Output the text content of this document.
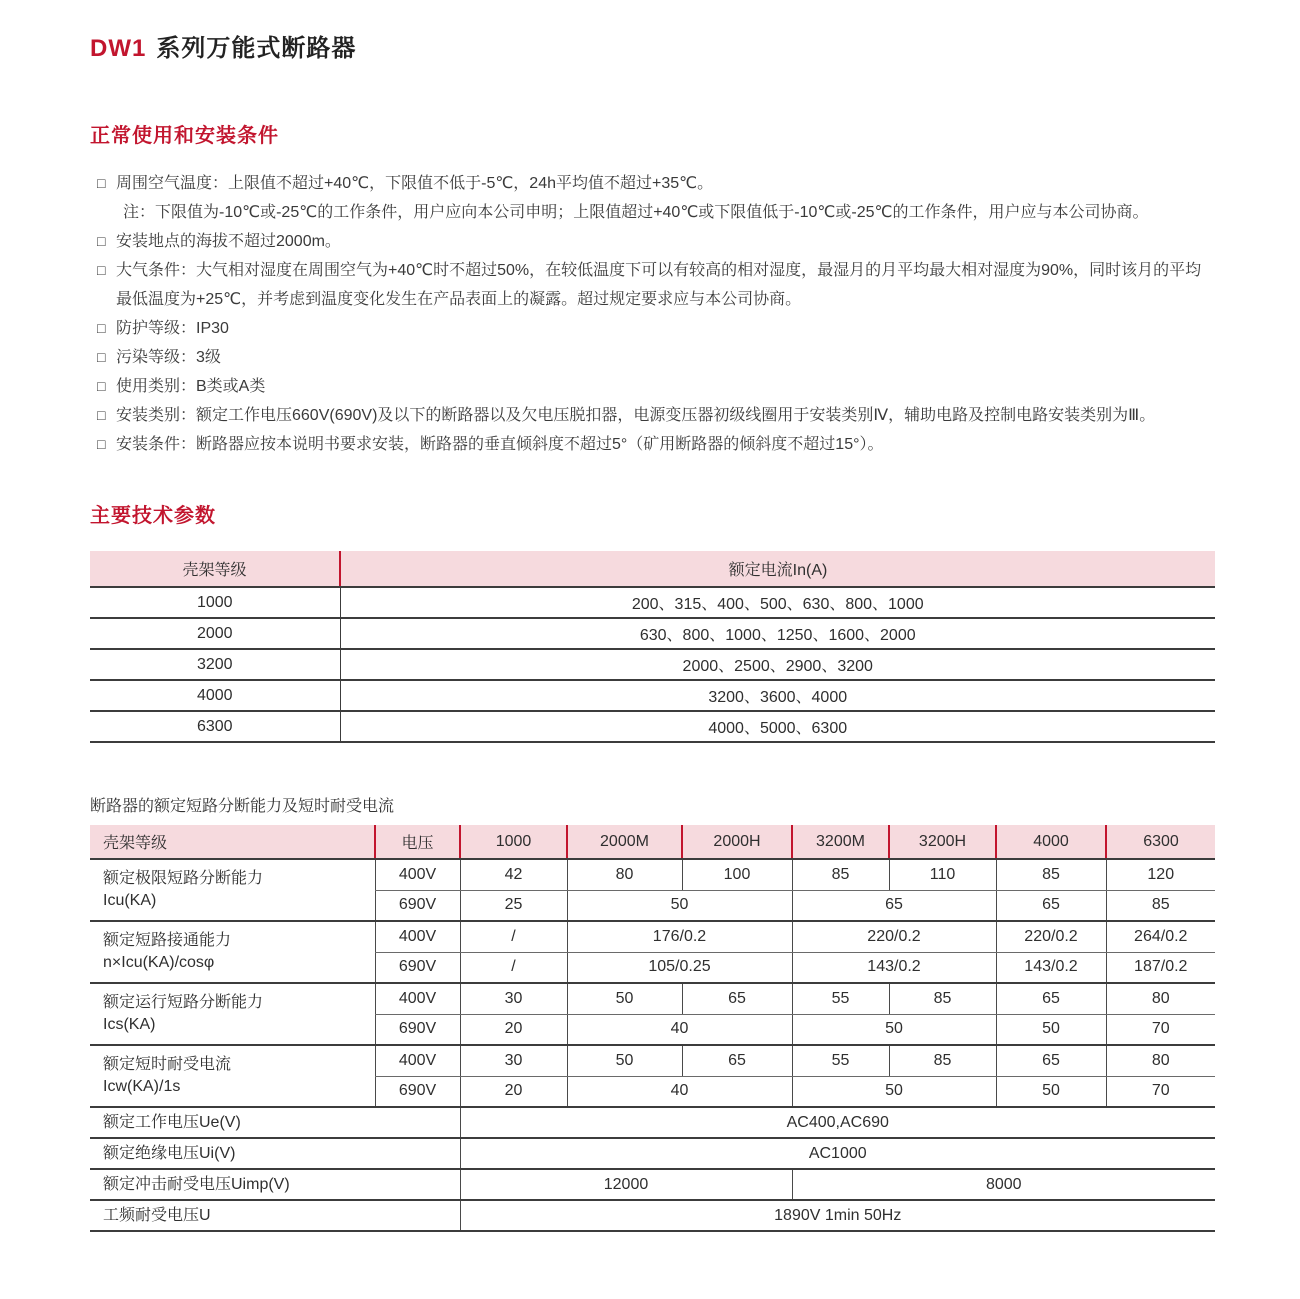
DW1 系列万能式断路器
正常使用和安装条件
□ 周围空气温度：上限值不超过+40℃，下限值不低于-5℃，24h平均值不超过+35℃。
注：下限值为-10℃或-25℃的工作条件，用户应向本公司申明；上限值超过+40℃或下限值低于-10℃或-25℃的工作条件，用户应与本公司协商。
□ 安装地点的海拔不超过2000m。
□ 大气条件：大气相对湿度在周围空气为+40℃时不超过50%，在较低温度下可以有较高的相对湿度，最湿月的月平均最大相对湿度为90%，同时该月的平均最低温度为+25℃，并考虑到温度变化发生在产品表面上的凝露。超过规定要求应与本公司协商。
□ 防护等级：IP30
□ 污染等级：3级
□ 使用类别：B类或A类
□ 安装类别：额定工作电压660V(690V)及以下的断路器以及欠电压脱扣器，电源变压器初级线圈用于安装类别Ⅳ，辅助电路及控制电路安装类别为Ⅲ。
□ 安装条件：断路器应按本说明书要求安装，断路器的垂直倾斜度不超过5°（矿用断路器的倾斜度不超过15°）。
主要技术参数
壳架等级	额定电流In(A)
1000	200、315、400、500、630、800、1000
2000	630、800、1000、1250、1600、2000
3200	2000、2500、2900、3200
4000	3200、3600、4000
6300	4000、5000、6300
断路器的额定短路分断能力及短时耐受电流
壳架等级	电压	1000	2000M	2000H	3200M	3200H	4000	6300
额定极限短路分断能力
Icu(KA)	400V	42	80	100	85	110	85	120
	690V	25	50		65		65	85
额定短路接通能力
n×Icu(KA)/cosφ	400V	/	176/0.2		220/0.2		220/0.2	264/0.2
	690V	/	105/0.25		143/0.2		143/0.2	187/0.2
额定运行短路分断能力
Ics(KA)	400V	30	50	65	55	85	65	80
	690V	20	40		50		50	70
额定短时耐受电流
Icw(KA)/1s	400V	30	50	65	55	85	65	80
	690V	20	40		50		50	70
额定工作电压Ue(V)		AC400,AC690						
额定绝缘电压Ui(V)		AC1000						
额定冲击耐受电压Uimp(V)		12000			8000			
工频耐受电压U		1890V 1min 50Hz						
